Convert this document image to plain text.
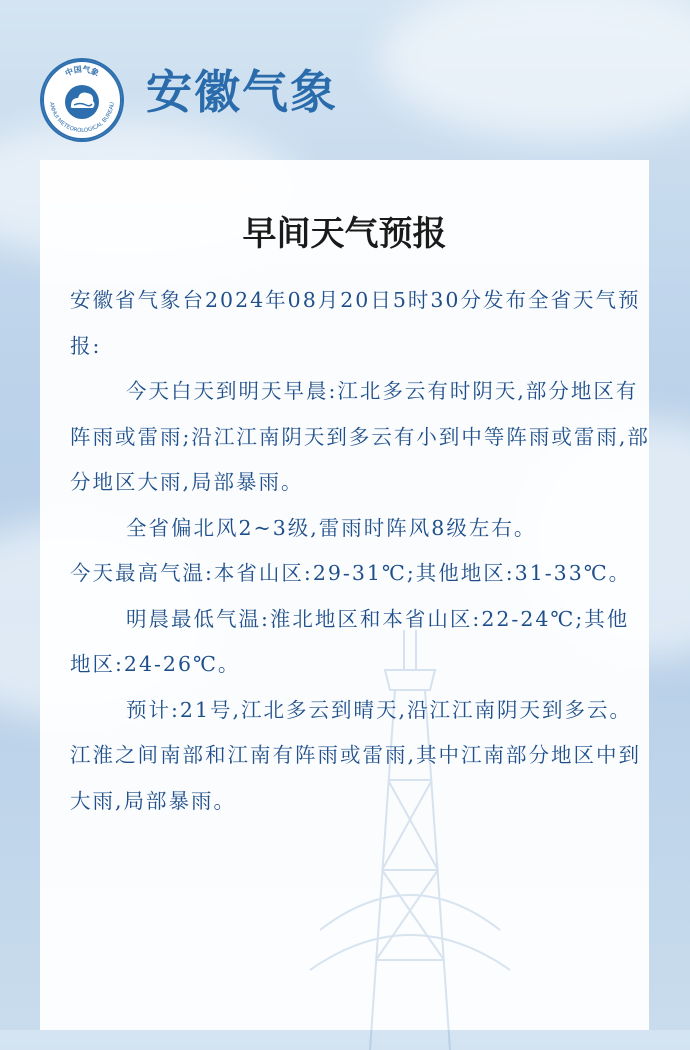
中国气象
ANHUI METEOROLOGICAL BUREAU 安徽气象
早间天气预报

安徽省气象台2024年08月20日5时30分发布全省天气预报:

今天白天到明天早晨:江北多云有时阴天,部分地区有阵雨或雷雨;沿江江南阴天到多云有小到中等阵雨或雷雨,部分地区大雨,局部暴雨。

全省偏北风2~3级,雷雨时阵风8级左右。

今天最高气温:本省山区:29-31℃;其他地区:31-33℃。

明晨最低气温:淮北地区和本省山区:22-24℃;其他地区:24-26℃。

预计:21号,江北多云到晴天,沿江江南阴天到多云。江淮之间南部和江南有阵雨或雷雨,其中江南部分地区中到大雨,局部暴雨。
